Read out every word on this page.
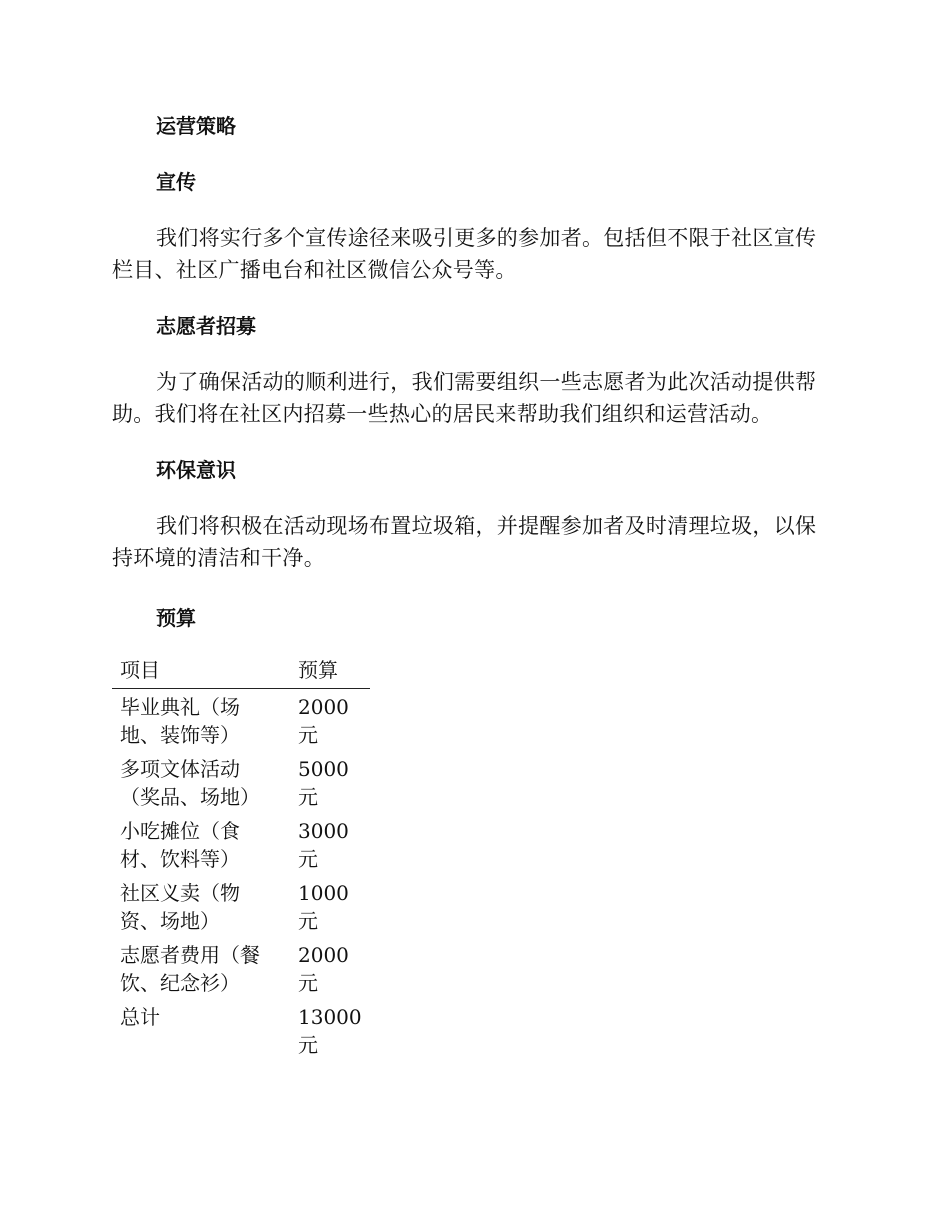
运营策略
宣传

我们将实行多个宣传途径来吸引更多的参加者。包括但不限于社区宣传栏目、社区广播电台和社区微信公众号等。

志愿者招募

为了确保活动的顺利进行，我们需要组织一些志愿者为此次活动提供帮助。我们将在社区内招募一些热心的居民来帮助我们组织和运营活动。

环保意识

我们将积极在活动现场布置垃圾箱，并提醒参加者及时清理垃圾，以保持环境的清洁和干净。

预算
项目	预算

毕业典礼（场
地、装饰等）	2000
元

多项文体活动
（奖品、场地）	5000
元

小吃摊位（食
材、饮料等）	3000
元

社区义卖（物
资、场地）	1000
元

志愿者费用（餐
饮、纪念衫）	2000
元

总计	13000
元
